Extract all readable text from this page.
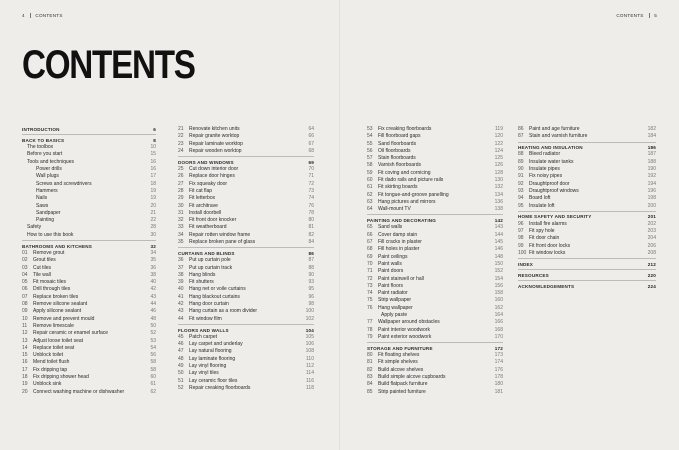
4 CONTENTS	CONTENTS 5
CONTENTS
INTRODUCTION	6
BACK TO BASICS	8
The toolbox	10
Before you start	15
Tools and techniques	16
Power drills	16
Wall plugs	17
Screws and screwdrivers	18
Hammers	19
Nails	19
Saws	20
Sandpaper	21
Painting	22
Safety	28
How to use this book	30
BATHROOMS AND KITCHENS	32
01 Remove grout	34
02 Grout tiles	35
03 Cut tiles	36
04 Tile wall	38
05 Fit mosaic tiles	40
06 Drill through tiles	42
07 Replace broken tiles	43
08 Remove silicone sealant	44
09 Apply silicone sealant	46
10 Remove and prevent mould	48
11 Remove limescale	50
12 Repair ceramic or enamel surface	52
13 Adjust loose toilet seat	53
14 Replace toilet seat	54
15 Unblock toilet	56
16 Mend toilet flush	58
17 Fix dripping tap	58
18 Fix dripping shower head	60
19 Unblock sink	61
20 Connect washing machine or dishwasher	62
21 Renovate kitchen units	64
22 Repair granite worktop	66
23 Repair laminate worktop	67
24 Repair wooden worktop	68
DOORS AND WINDOWS	69
25 Cut down interior door	70
26 Replace door hinges	71
27 Fix squeaky door	72
28 Fit cat flap	73
29 Fit letterbox	74
30 Fit architrave	76
31 Install doorbell	78
32 Fit front door knocker	80
33 Fit weatherboard	81
34 Repair rotten window frame	82
35 Replace broken pane of glass	84
CURTAINS AND BLINDS	86
36 Put up curtain pole	87
37 Put up curtain track	88
38 Hang blinds	90
39 Fit shutters	93
40 Hang net or voile curtains	95
41 Hang blackout curtains	96
42 Hang door curtain	98
43 Hang curtain as a room divider	100
44 Fit window film	102
FLOORS AND WALLS	104
45 Patch carpet	105
46 Lay carpet and underlay	106
47 Lay natural flooring	108
48 Lay laminate flooring	110
49 Lay vinyl flooring	112
50 Lay vinyl tiles	114
51 Lay ceramic floor tiles	116
52 Repair creaking floorboards	118
53 Fix creaking floorboards	119
54 Fill floorboard gaps	120
55 Sand floorboards	122
56 Oil floorboards	124
57 Stain floorboards	125
58 Varnish floorboards	126
59 Fit coving and cornicing	128
60 Fit dado rails and picture rails	130
61 Fit skirting boards	132
62 Fit tongue-and-groove panelling	134
63 Hang pictures and mirrors	136
64 Wall-mount TV	138
PAINTING AND DECORATING	142
65 Sand walls	143
66 Cover damp stain	144
67 Fill cracks in plaster	145
68 Fill holes in plaster	146
69 Paint ceilings	148
70 Paint walls	150
71 Paint doors	152
72 Paint stairwell or hall	154
73 Paint floors	156
74 Paint radiator	158
75 Strip wallpaper	160
76 Hang wallpaper	162
Apply paste	164
77 Wallpaper around obstacles	166
78 Paint interior woodwork	168
79 Paint exterior woodwork	170
STORAGE AND FURNITURE	172
80 Fit floating shelves	173
81 Fit simple shelves	174
82 Build alcove shelves	176
83 Build simple alcove cupboards	178
84 Build flatpack furniture	180
85 Strip painted furniture	181
86 Paint and age furniture	182
87 Stain and varnish furniture	184
HEATING AND INSULATION	186
88 Bleed radiator	187
89 Insulate water tanks	188
90 Insulate pipes	190
91 Fix noisy pipes	192
92 Draughtproof door	194
93 Draughtproof windows	196
94 Board loft	198
95 Insulate loft	200
HOME SAFETY AND SECURITY	201
96 Install fire alarms	202
97 Fit spy hole	203
98 Fit door chain	204
99 Fit front door locks	206
100 Fit window locks	208
INDEX	212
RESOURCES	220
ACKNOWLEDGEMENTS	224
